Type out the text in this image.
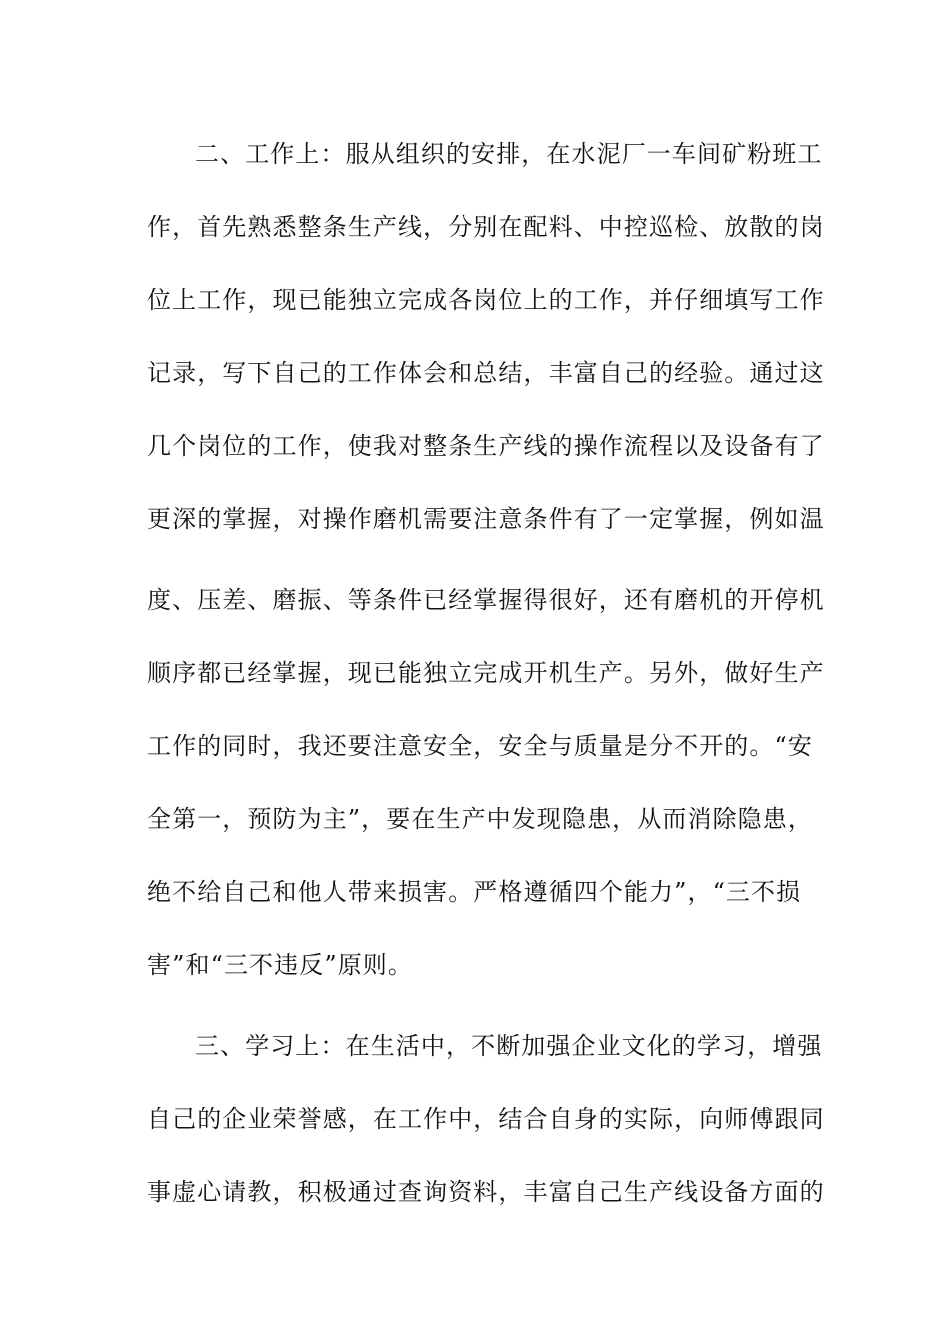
二、工作上：服从组织的安排，在水泥厂一车间矿粉班工
作，首先熟悉整条生产线，分别在配料、中控巡检、放散的岗
位上工作，现已能独立完成各岗位上的工作，并仔细填写工作
记录，写下自己的工作体会和总结，丰富自己的经验。通过这
几个岗位的工作，使我对整条生产线的操作流程以及设备有了
更深的掌握，对操作磨机需要注意条件有了一定掌握，例如温
度、压差、磨振、等条件已经掌握得很好，还有磨机的开停机
顺序都已经掌握，现已能独立完成开机生产。另外，做好生产
工作的同时，我还要注意安全，安全与质量是分不开的。“安
全第一，预防为主”，要在生产中发现隐患，从而消除隐患，
绝不给自己和他人带来损害。严格遵循四个能力”，“三不损
害”和“三不违反”原则。
三、学习上：在生活中，不断加强企业文化的学习，增强
自己的企业荣誉感，在工作中，结合自身的实际，向师傅跟同
事虚心请教，积极通过查询资料，丰富自己生产线设备方面的
